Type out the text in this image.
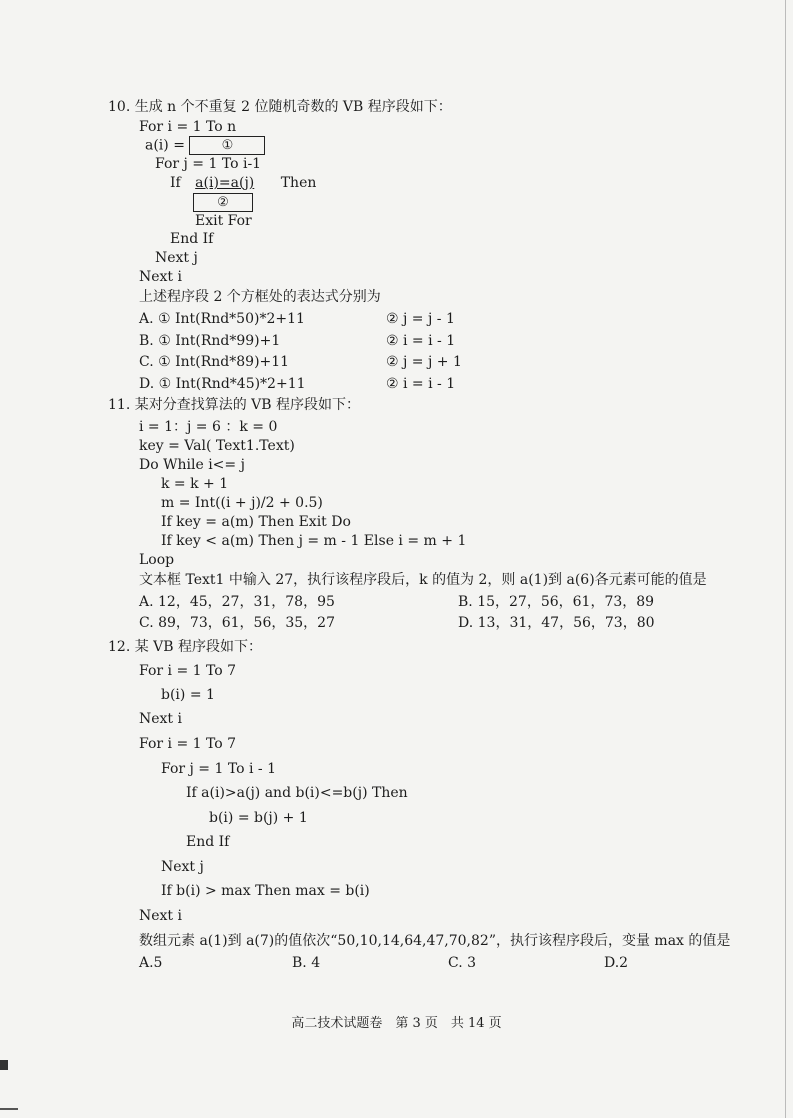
10. 生成 n 个不重复 2 位随机奇数的 VB 程序段如下：
For i = 1 To n
a(i) =	①
For j = 1 To i-1
If a(i)=a(j) Then
②
Exit For
End If
Next j
Next i
上述程序段 2 个方框处的表达式分别为
A. ① Int(Rnd*50)*2+11	② j = j - 1
B. ① Int(Rnd*99)+1	② i = i - 1
C. ① Int(Rnd*89)+11	② j = j + 1
D. ① Int(Rnd*45)*2+11	② i = i - 1
11. 某对分查找算法的 VB 程序段如下：
i = 1：j = 6 ：k = 0
key = Val( Text1.Text)
Do While i<= j
k = k + 1
m = Int((i + j)/2 + 0.5)
If key = a(m) Then Exit Do
If key < a(m) Then j = m - 1 Else i = m + 1
Loop
文本框 Text1 中输入 27，执行该程序段后，k 的值为 2，则 a(1)到 a(6)各元素可能的值是
A. 12，45，27，31，78，95	B. 15，27，56，61，73，89
C. 89，73，61，56，35，27	D. 13，31，47，56，73，80
12. 某 VB 程序段如下：
For i = 1 To 7
b(i) = 1
Next i
For i = 1 To 7
For j = 1 To i - 1
If a(i)>a(j) and b(i)<=b(j) Then
b(i) = b(j) + 1
End If
Next j
If b(i) > max Then max = b(i)
Next i
数组元素 a(1)到 a(7)的值依次“50,10,14,64,47,70,82”，执行该程序段后，变量 max 的值是
A.5	B. 4	C. 3	D.2
高二技术试题卷　第 3 页　共 14 页
